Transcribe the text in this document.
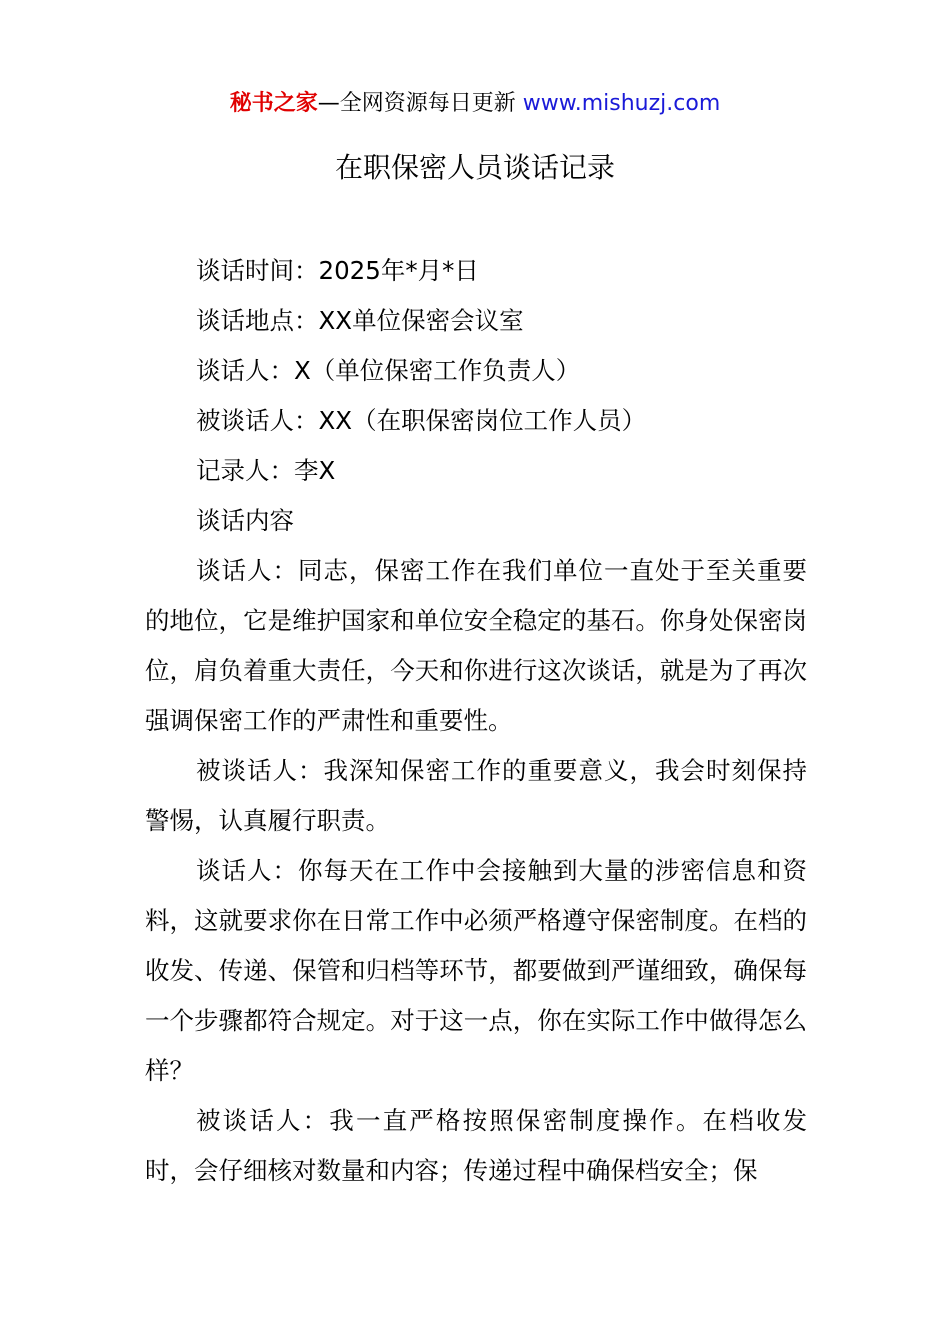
秘书之家—全网资源每日更新 www.mishuzj.com
在职保密人员谈话记录

谈话时间：2025年*月*日

谈话地点：XX单位保密会议室

谈话人：X（单位保密工作负责人）

被谈话人：XX（在职保密岗位工作人员）

记录人：李X

谈话内容

谈话人：同志，保密工作在我们单位一直处于至关重要的地位，它是维护国家和单位安全稳定的基石。你身处保密岗位，肩负着重大责任，今天和你进行这次谈话，就是为了再次强调保密工作的严肃性和重要性。

被谈话人：我深知保密工作的重要意义，我会时刻保持警惕，认真履行职责。

谈话人：你每天在工作中会接触到大量的涉密信息和资料，这就要求你在日常工作中必须严格遵守保密制度。在档的收发、传递、保管和归档等环节，都要做到严谨细致，确保每一个步骤都符合规定。对于这一点，你在实际工作中做得怎么样？

被谈话人：我一直严格按照保密制度操作。在档收发时，会仔细核对数量和内容；传递过程中确保档安全；保
